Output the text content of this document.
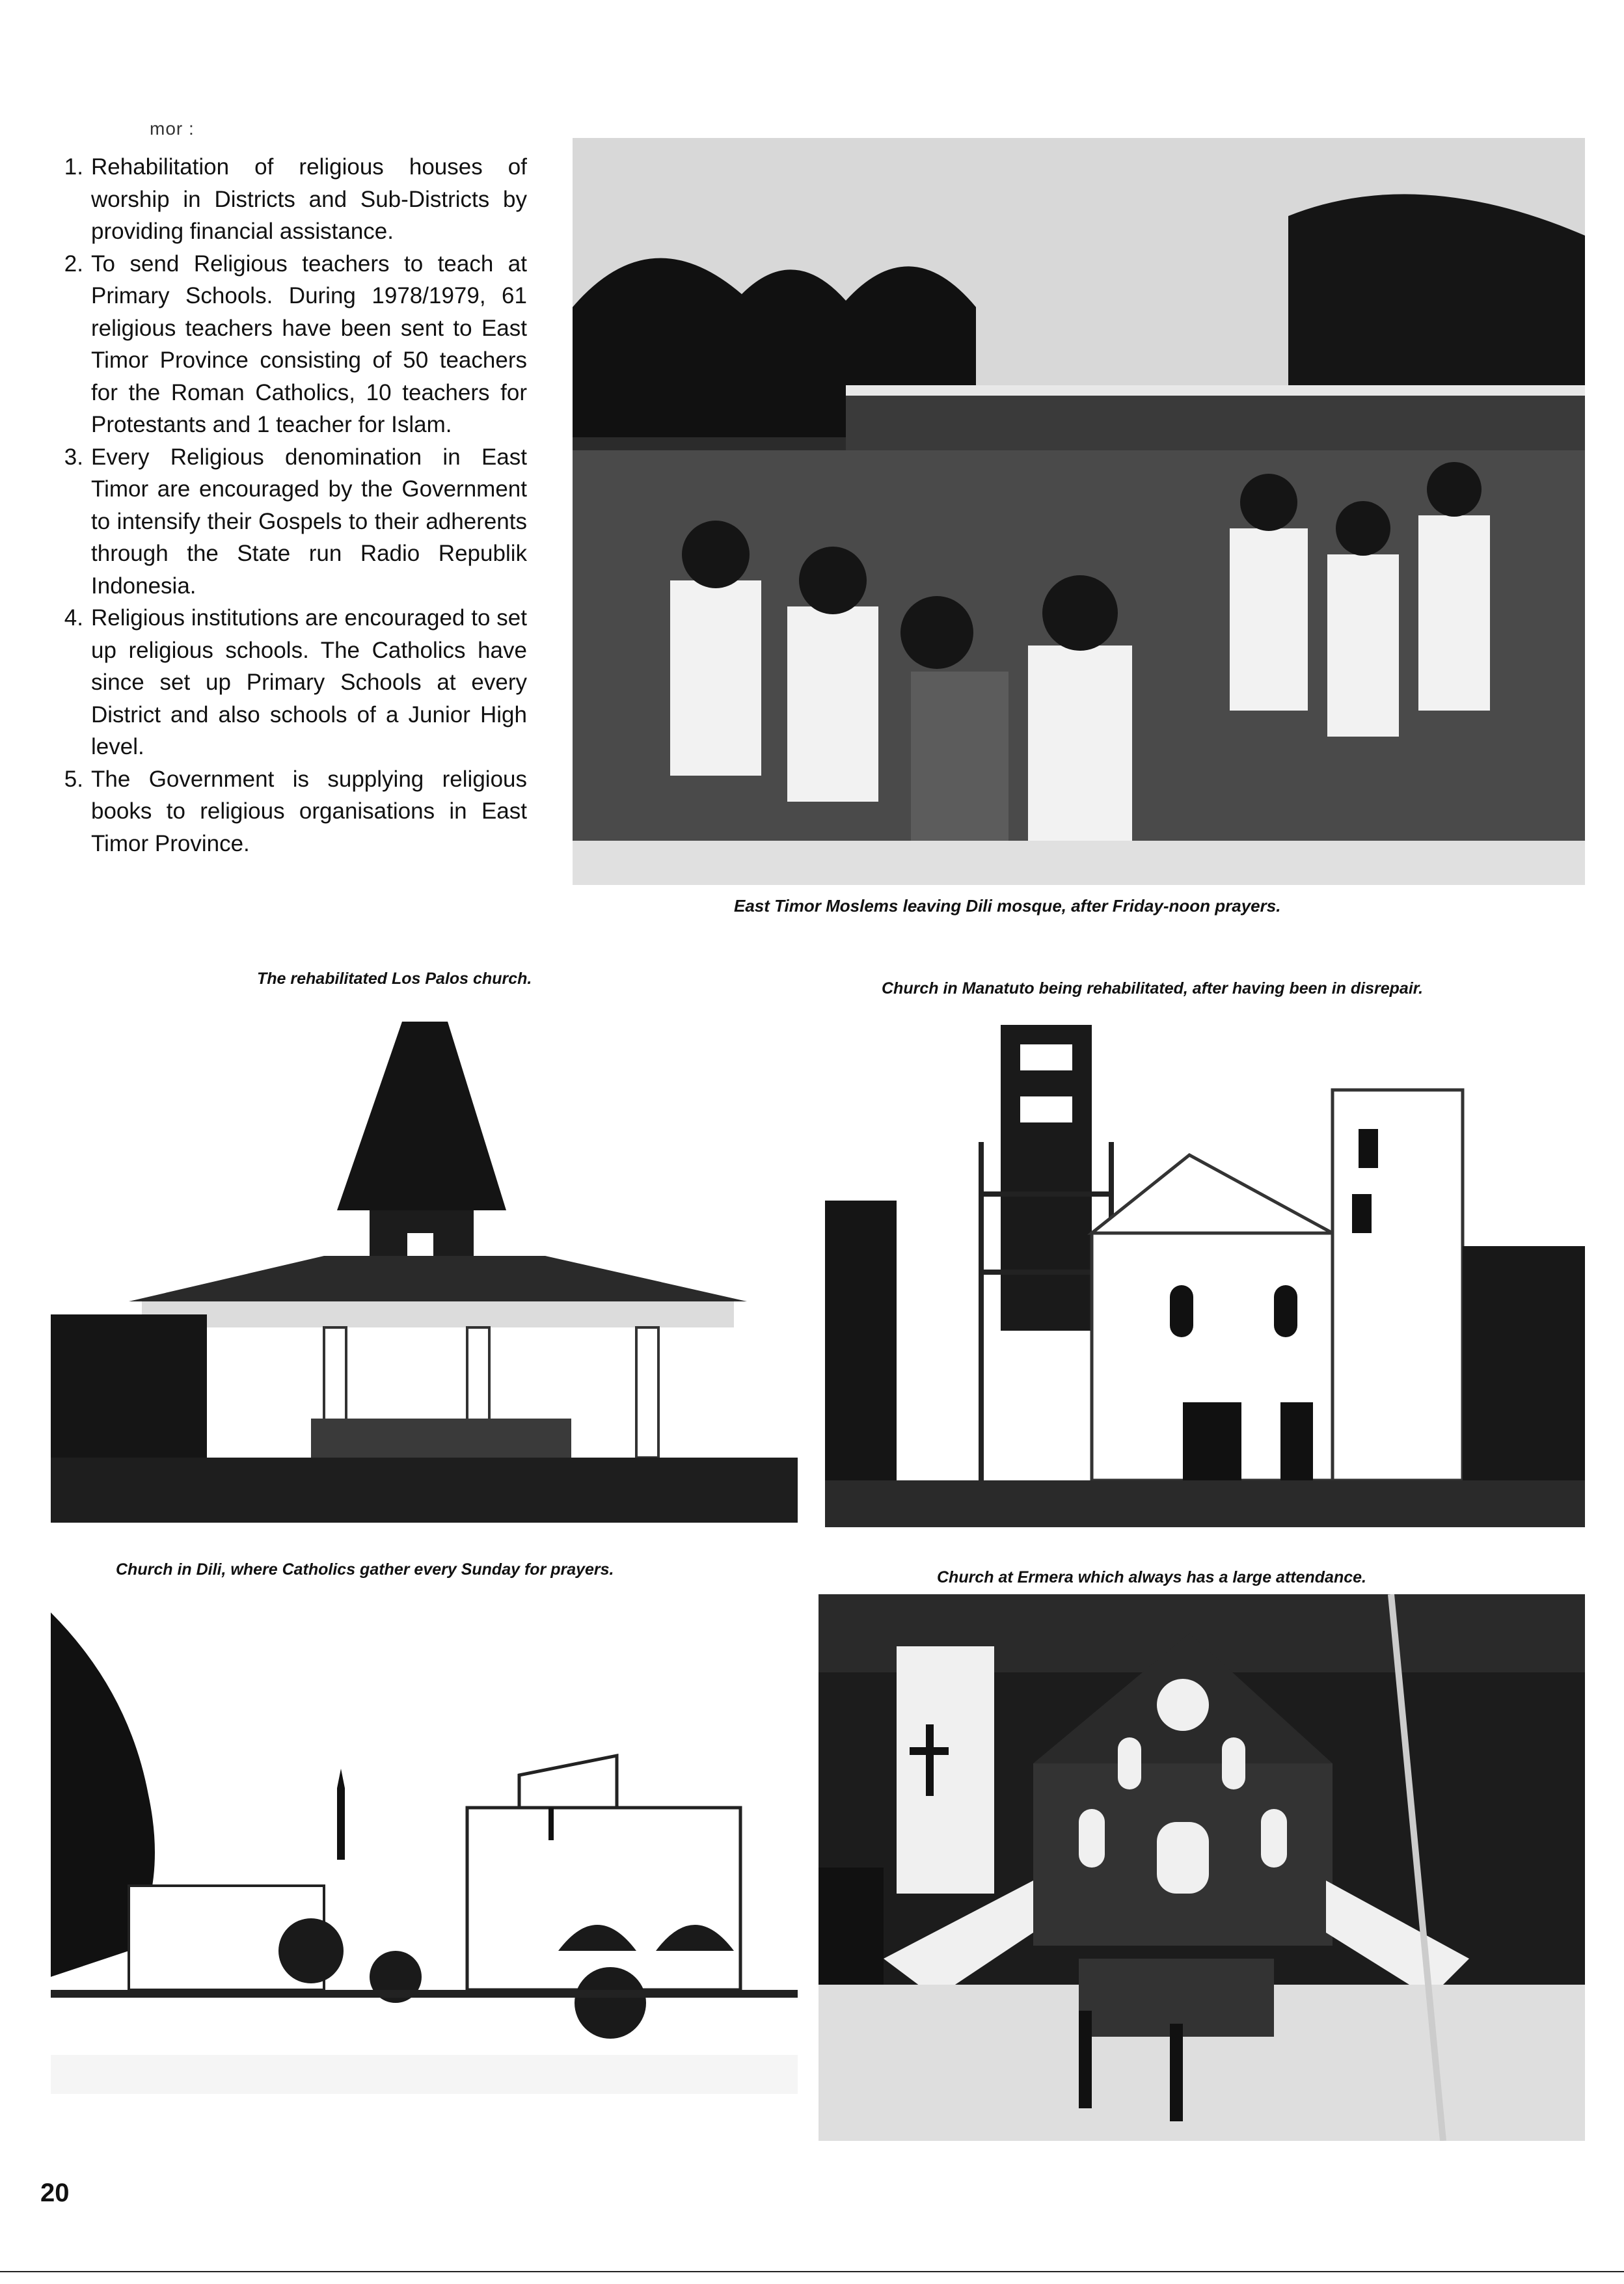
mor :
1. Rehabilitation of religious houses of worship in Districts and Sub-Districts by providing financial assistance.
2. To send Religious teachers to teach at Primary Schools. During 1978/1979, 61 religious teachers have been sent to East Timor Province consisting of 50 teachers for the Roman Catholics, 10 teachers for Protestants and 1 teacher for Islam.
3. Every Religious denomination in East Timor are encouraged by the Government to intensify their Gospels to their adherents through the State run Radio Republik Indonesia.
4. Religious institutions are encouraged to set up religious schools. The Catholics have since set up Primary Schools at every District and also schools of a Junior High level.
5. The Government is supplying religious books to religious organisations in East Timor Province.
East Timor Moslems leaving Dili mosque, after Friday-noon prayers.
The rehabilitated Los Palos church.
Church in Manatuto being rehabilitated, after having been in disrepair.
Church in Dili, where Catholics gather every Sunday for prayers.	Church at Ermera which always has a large attendance.
20
